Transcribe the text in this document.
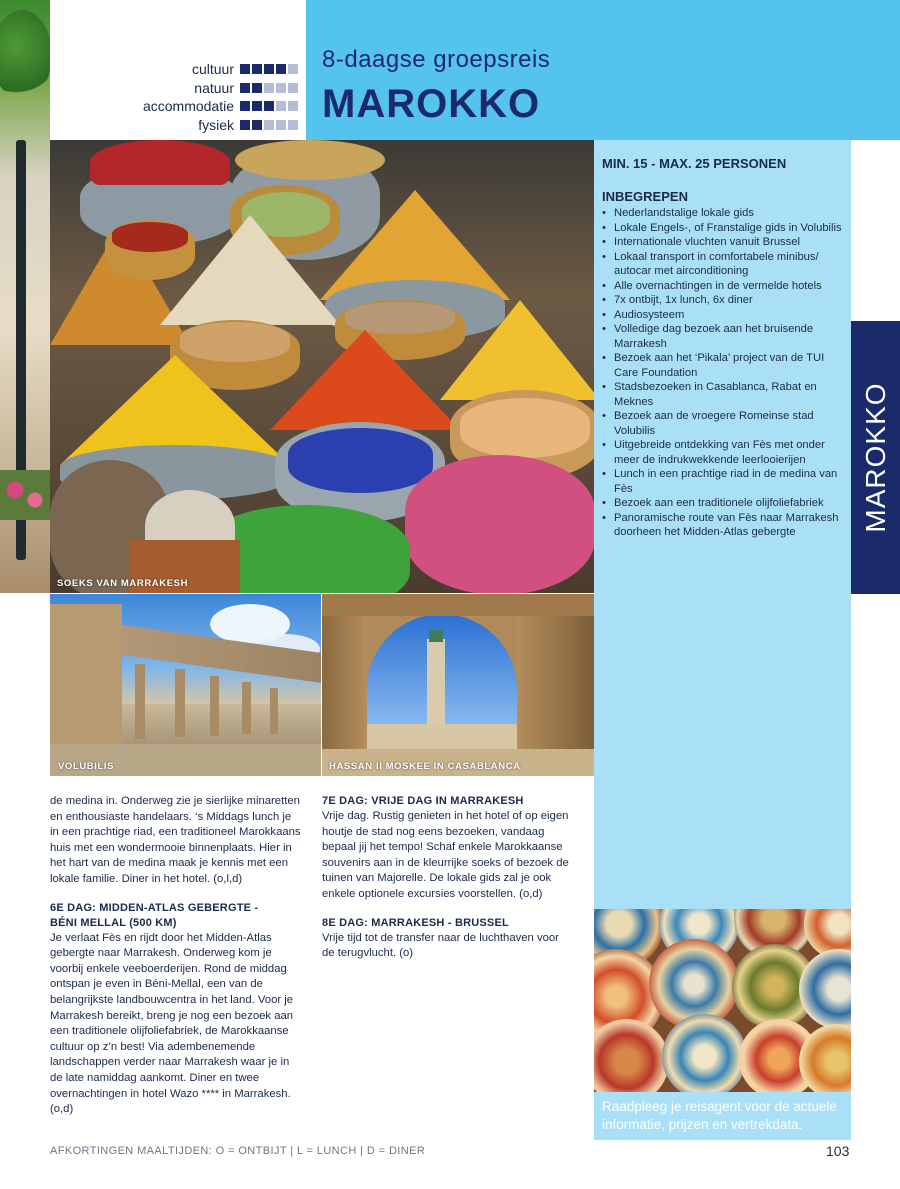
cultuur
natuur
accommodatie
fysiek
8-daagse groepsreis
MAROKKO
MIN. 15 - MAX. 25 PERSONEN
INBEGREPEN
• Nederlandstalige lokale gids
• Lokale Engels-, of Franstalige gids in Volubilis
• Internationale vluchten vanuit Brussel
• Lokaal transport in comfortabele minibus/ autocar met airconditioning
• Alle overnachtingen in de vermelde hotels
• 7x ontbijt, 1x lunch, 6x diner
• Audiosysteem
• Volledige dag bezoek aan het bruisende Marrakesh
• Bezoek aan het ‘Pikala’ project van de TUI Care Foundation
• Stadsbezoeken in Casablanca, Rabat en Meknes
• Bezoek aan de vroegere Romeinse stad Volubilis
• Uitgebreide ontdekking van Fès met onder meer de indrukwekkende leerlooierijen
• Lunch in een prachtige riad in de medina van Fès
• Bezoek aan een traditionele olijfoliefabriek
• Panoramische route van Fès naar Marrakesh doorheen het Midden-Atlas gebergte	MAROKKO
SOEKS VAN MARRAKESH
VOLUBILIS	HASSAN II MOSKEE IN CASABLANCA

de medina in. Onderweg zie je sierlijke minaretten en enthousiaste handelaars. ‘s Middags lunch je in een prachtige riad, een traditioneel Marokkaans huis met een wondermooie binnenplaats. Hier in het hart van de medina maak je kennis met een lokale familie. Diner in het hotel. (o,l,d)

6E DAG: MIDDEN-ATLAS GEBERGTE -
BÉNI MELLAL (500 KM)

Je verlaat Fès en rijdt door het Midden-Atlas gebergte naar Marrakesh. Onderweg kom je voorbij enkele veeboerderijen. Rond de middag ontspan je even in Béni-Mellal, een van de belangrijkste landbouwcentra in het land. Voor je Marrakesh bereikt, breng je nog een bezoek aan een traditionele olijfoliefabriek, de Marokkaanse cultuur op z’n best! Via adembenemende landschappen verder naar Marrakesh waar je in de late namiddag aankomt. Diner en twee overnachtingen in hotel Wazo **** in Marrakesh. (o,d)

7E DAG: VRIJE DAG IN MARRAKESH

Vrije dag. Rustig genieten in het hotel of op eigen houtje de stad nog eens bezoeken, vandaag bepaal jij het tempo! Schaf enkele Marokkaanse souvenirs aan in de kleurrijke soeks of bezoek de tuinen van Majorelle. De lokale gids zal je ook enkele optionele excursies voorstellen. (o,d)

8E DAG: MARRAKESH - BRUSSEL

Vrije tijd tot de transfer naar de luchthaven voor de terugvlucht. (o)

Raadpleeg je reisagent voor de actuele informatie, prijzen en vertrekdata.
AFKORTINGEN MAALTIJDEN: O = ONTBIJT | L = LUNCH | D = DINER	103
